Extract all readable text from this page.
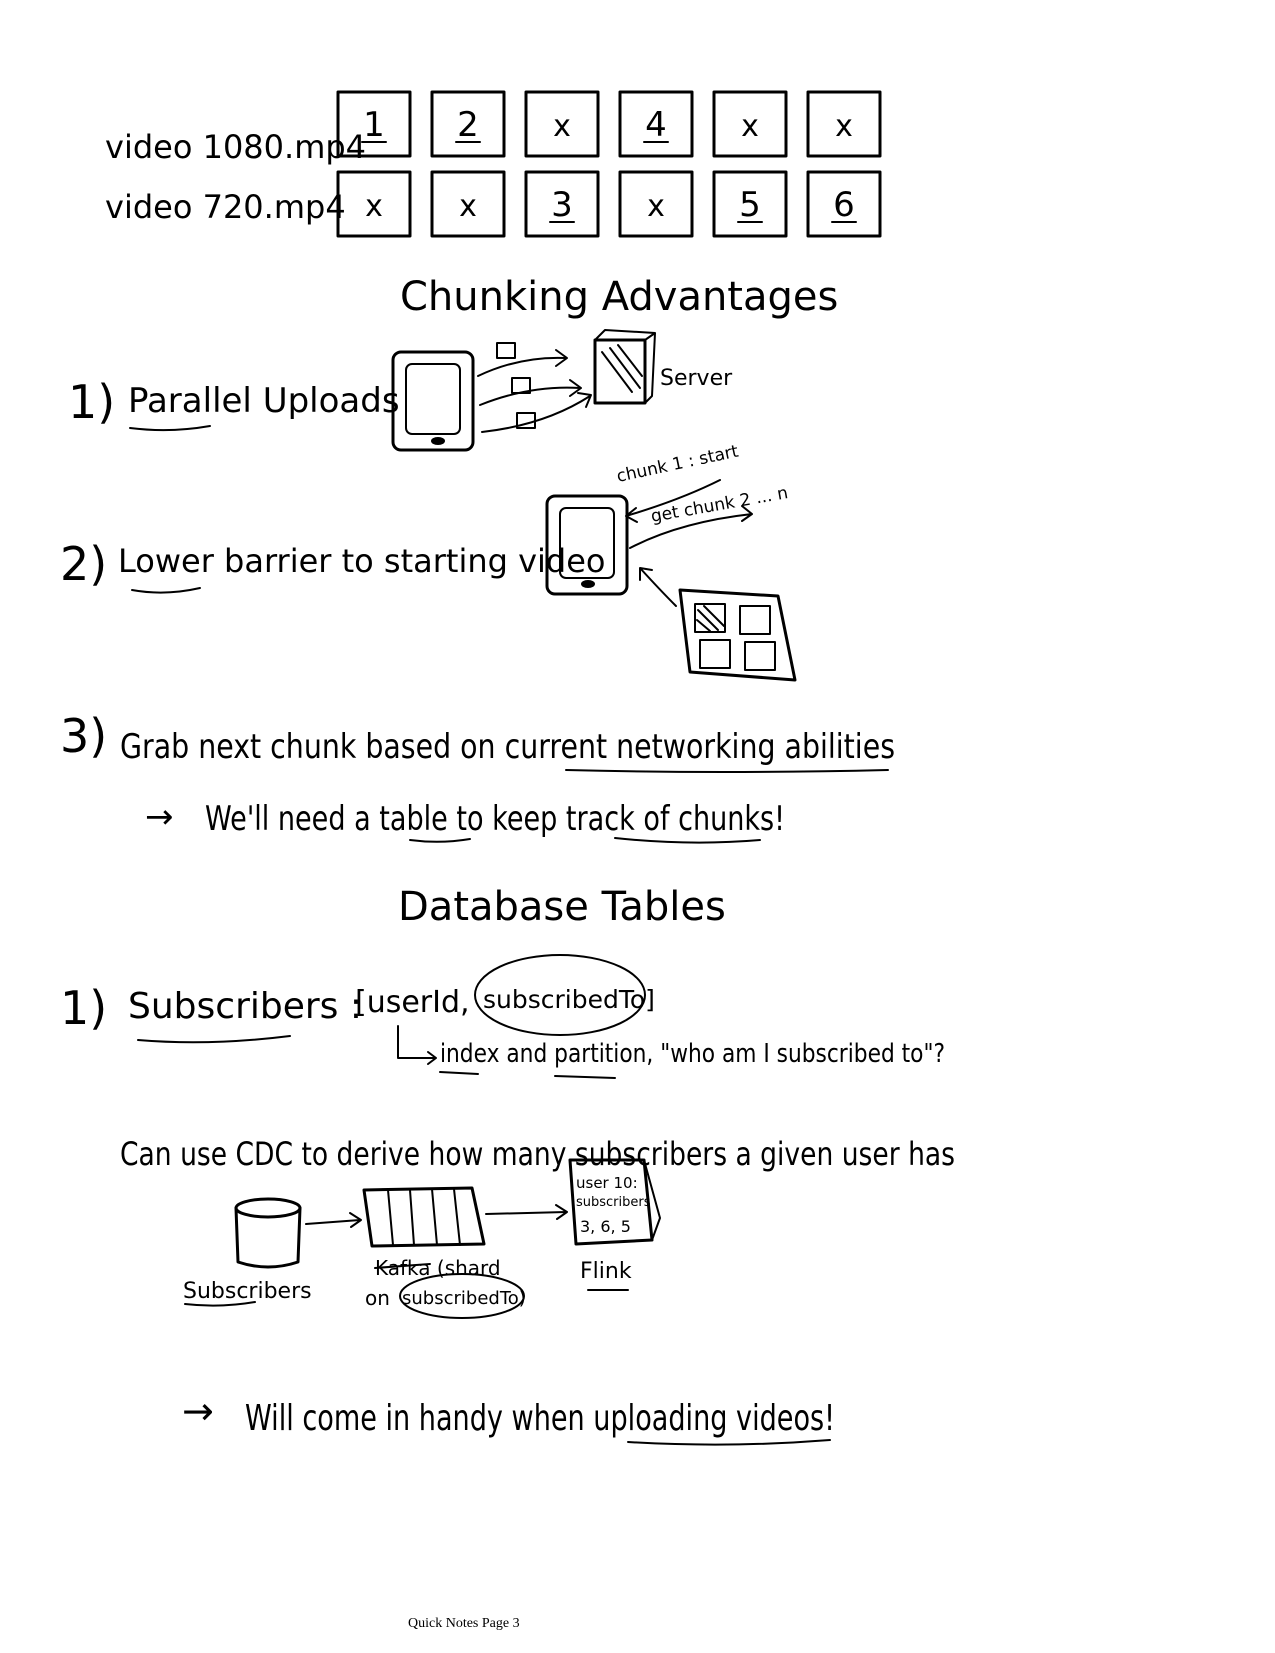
video 1080.mp4
video 720.mp4
1 2 x 4 x	x
x	x 3 x 5 6
Chunking Advantages
1) Parallel Uploads
Server
2) Lower barrier to starting video
chunk 1 : start
get chunk 2 ... n
3) Grab next chunk based on current networking abilities
→ We'll need a table to keep track of chunks!
Database Tables
1) Subscribers :
[userId, subscribedTo]
index and partition, "who am I subscribed to"?
Can use CDC to derive how many subscribers a given user has
Subscribers
Kafka (shard
on subscribedTo)
user 10:
subscribers
3, 6, 5
Flink
→ Will come in handy when uploading videos!
Quick Notes Page 3
